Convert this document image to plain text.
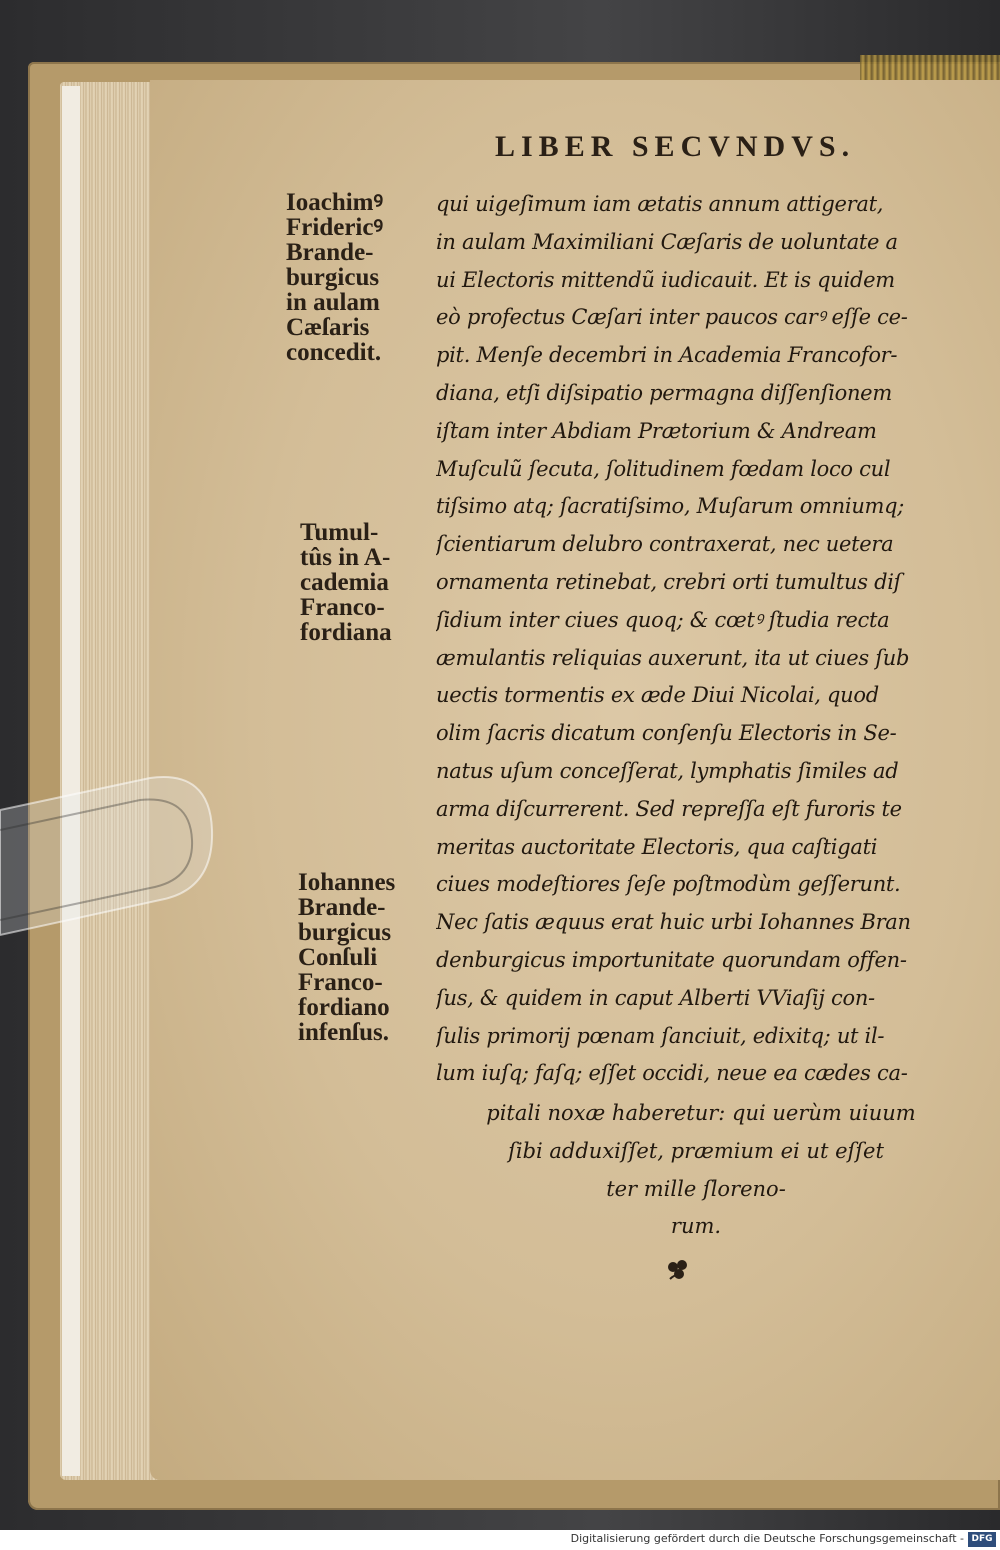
LIBER SECVNDVS.
Ioachimꝰ
Fridericꝰ
Brande-
burgicus
in aulam
Cæſaris
concedit.
Tumul-
tûs in A-
cademia
Franco-
fordiana
Iohannes
Brande-
burgicus
Conſuli
Franco-
fordiano
infenſus.
qui uigeſimum iam ætatis annum attigerat,
in aulam Maximiliani Cæſaris de uoluntate a
ui Electoris mittendũ iudicauit. Et is quidem
eò profectus Cæſari inter paucos carꝰ eſſe ce-
pit. Menſe decembri in Academia Francofor-
diana, etſi diſsipatio permagna diſſenſionem
iſtam inter Abdiam Prætorium & Andream
Muſculũ ſecuta, ſolitudinem fœdam loco cul
tiſsimo atq; ſacratiſsimo, Muſarum omniumq;
ſcientiarum delubro contraxerat, nec uetera
ornamenta retinebat, crebri orti tumultus diſ
ſidium inter ciues quoq; & cœtꝰ ſtudia recta
æmulantis reliquias auxerunt, ita ut ciues ſub
uectis tormentis ex æde Diui Nicolai, quod
olim ſacris dicatum conſenſu Electoris in Se-
natus uſum conceſſerat, lymphatis ſimiles ad
arma diſcurrerent. Sed repreſſa eſt furoris te
meritas auctoritate Electoris, qua caſtigati
ciues modeſtiores ſeſe poſtmodùm geſſerunt.
Nec ſatis æquus erat huic urbi Iohannes Bran
denburgicus importunitate quorundam offen-
ſus, & quidem in caput Alberti VViaſij con-
ſulis primorij pœnam ſanciuit, edixitq; ut il-
lum iuſq; faſq; eſſet occidi, neue ea cædes ca-
pitali noxæ haberetur: qui uerùm uiuum
ſibi adduxiſſet, præmium ei ut eſſet
ter mille ſloreno-
rum.
Digitalisierung gefördert durch die Deutsche Forschungsgemeinschaft - DFG
